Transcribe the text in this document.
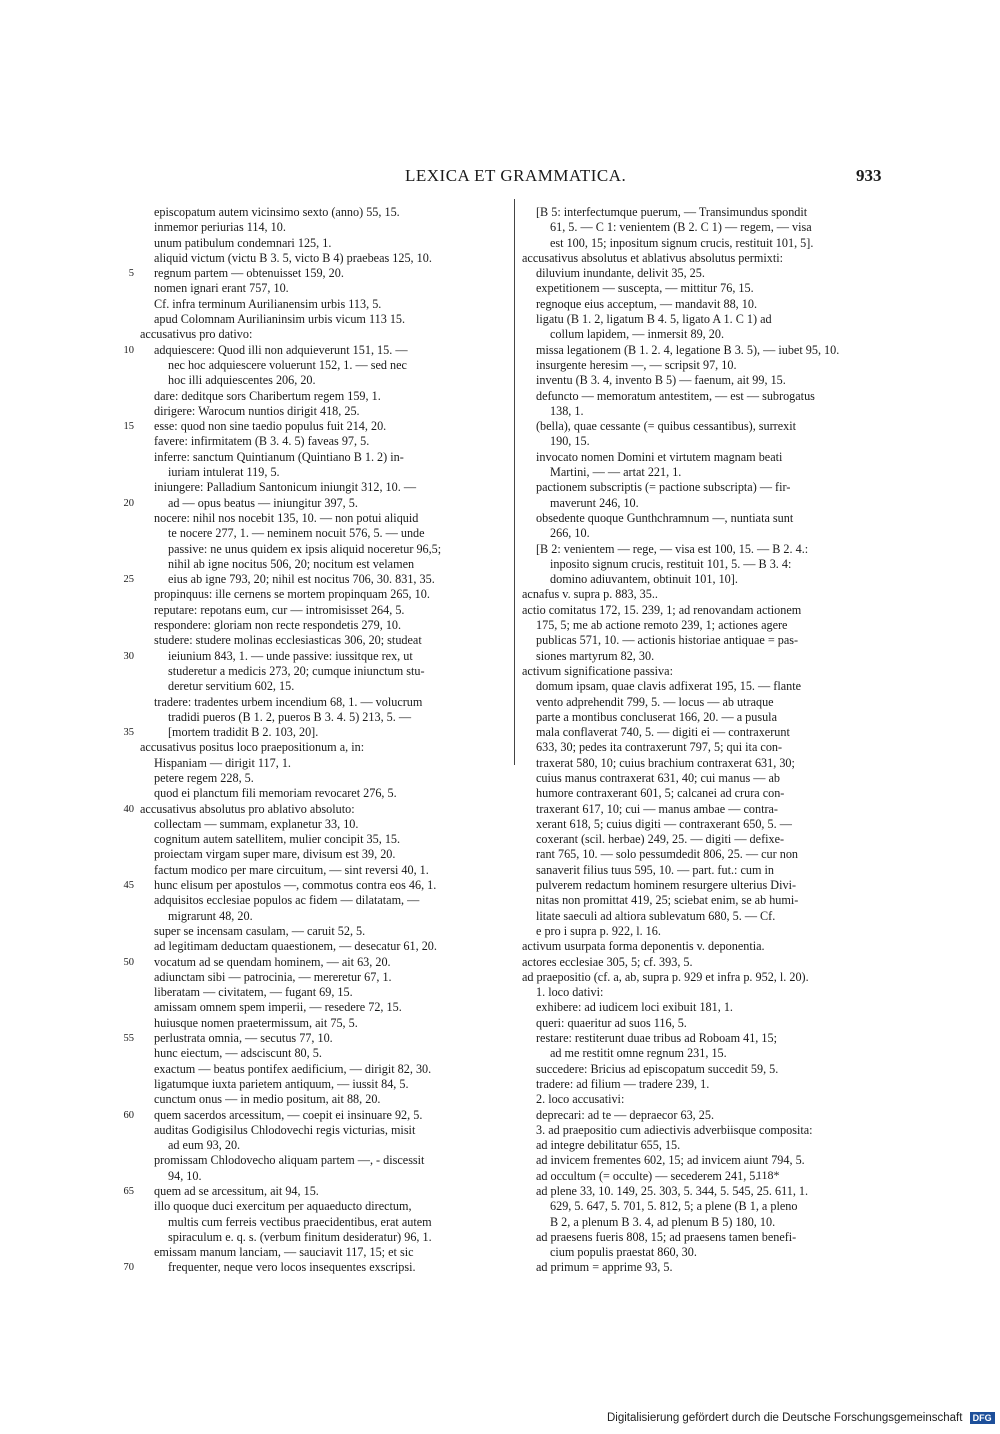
LEXICA ET GRAMMATICA.	933
episcopatum autem vicinsimo sexto (anno) 55, 15.
inmemor periurias 114, 10.
unum patibulum condemnari 125, 1.
aliquid victum (victu B 3. 5, victo B 4) praebeas 125, 10.
5 regnum partem — obtenuisset 159, 20.
nomen ignari erant 757, 10.
Cf. infra terminum Aurilianensim urbis 113, 5.
apud Colomnam Aurilianinsim urbis vicum 113 15.
accusativus pro dativo:
10 adquiescere: Quod illi non adquieverunt 151, 15. —
nec hoc adquiescere voluerunt 152, 1. — sed nec
hoc illi adquiescentes 206, 20.
dare: deditque sors Charibertum regem 159, 1.
dirigere: Warocum nuntios dirigit 418, 25.
15 esse: quod non sine taedio populus fuit 214, 20.
favere: infirmitatem (B 3. 4. 5) faveas 97, 5.
inferre: sanctum Quintianum (Quintiano B 1. 2) in-
iuriam intulerat 119, 5.
iniungere: Palladium Santonicum iniungit 312, 10. —
20	ad — opus beatus — iniungitur 397, 5.
nocere: nihil nos nocebit 135, 10. — non potui aliquid
te nocere 277, 1. — neminem nocuit 576, 5. — unde
passive: ne unus quidem ex ipsis aliquid noceretur 96,5;
nihil ab igne nocitus 506, 20; nocitum est velamen
25	eius ab igne 793, 20; nihil est nocitus 706, 30. 831, 35.
propinquus: ille cernens se mortem propinquam 265, 10.
reputare: repotans eum, cur — intromisisset 264, 5.
respondere: gloriam non recte respondetis 279, 10.
studere: studere molinas ecclesiasticas 306, 20; studeat
30	ieiunium 843, 1. — unde passive: iussitque rex, ut
studeretur a medicis 273, 20; cumque iniunctum stu-
deretur servitium 602, 15.
tradere: tradentes urbem incendium 68, 1. — volucrum
tradidi pueros (B 1. 2, pueros B 3. 4. 5) 213, 5. —
35	[mortem tradidit B 2. 103, 20].
accusativus positus loco praepositionum a, in:
Hispaniam — dirigit 117, 1.
petere regem 228, 5.
quod ei planctum fili memoriam revocaret 276, 5.
40 accusativus absolutus pro ablativo absoluto:
collectam — summam, explanetur 33, 10.
cognitum autem satellitem, mulier concipit 35, 15.
proiectam virgam super mare, divisum est 39, 20.
factum modico per mare circuitum, — sint reversi 40, 1.
45 hunc elisum per apostulos —, commotus contra eos 46, 1.
adquisitos ecclesiae populos ac fidem — dilatatam, —
migrarunt 48, 20.
super se incensam casulam, — caruit 52, 5.
ad legitimam deductam quaestionem, — desecatur 61, 20.
50 vocatum ad se quendam hominem, — ait 63, 20.
adiunctam sibi — patrocinia, — mereretur 67, 1.
liberatam — civitatem, — fugant 69, 15.
amissam omnem spem imperii, — resedere 72, 15.
huiusque nomen praetermissum, ait 75, 5.
55 perlustrata omnia, — secutus 77, 10.
hunc eiectum, — adsciscunt 80, 5.
exactum — beatus pontifex aedificium, — dirigit 82, 30.
ligatumque iuxta parietem antiquum, — iussit 84, 5.
cunctum onus — in medio positum, ait 88, 20.
60 quem sacerdos arcessitum, — coepit ei insinuare 92, 5.
auditas Godigisilus Chlodovechi regis victurias, misit
ad eum 93, 20.
promissam Chlodovecho aliquam partem —, - discessit
94, 10.
65 quem ad se arcessitum, ait 94, 15.
illo quoque duci exercitum per aquaeducto directum,
multis cum ferreis vectibus praecidentibus, erat autem
spiraculum e. q. s. (verbum finitum desideratur) 96, 1.
emissam manum lanciam, — sauciavit 117, 15; et sic
70	frequenter, neque vero locos insequentes exscripsi.
[B 5: interfectumque puerum, — Transimundus spondit
61, 5. — C 1: venientem (B 2. C 1) — regem, — visa
est 100, 15; inpositum signum crucis, restituit 101, 5].
accusativus absolutus et ablativus absolutus permixti:
diluvium inundante, delivit 35, 25.
expetitionem — suscepta, — mittitur 76, 15.
regnoque eius acceptum, — mandavit 88, 10.
ligatu (B 1. 2, ligatum B 4. 5, ligato A 1. C 1) ad
collum lapidem, — inmersit 89, 20.
missa legationem (B 1. 2. 4, legatione B 3. 5), — iubet 95, 10.
insurgente heresim —, — scripsit 97, 10.
inventu (B 3. 4, invento B 5) — faenum, ait 99, 15.
defuncto — memoratum antestitem, — est — subrogatus
138, 1.
(bella), quae cessante (= quibus cessantibus), surrexit
190, 15.
invocato nomen Domini et virtutem magnam beati
Martini, — — artat 221, 1.
pactionem subscriptis (= pactione subscripta) — fir-
maverunt 246, 10.
obsedente quoque Gunthchramnum —, nuntiata sunt
266, 10.
[B 2: venientem — rege, — visa est 100, 15. — B 2. 4.:
inposito signum crucis, restituit 101, 5. — B 3. 4:
domino adiuvantem, obtinuit 101, 10].
acnafus v. supra p. 883, 35..
actio comitatus 172, 15. 239, 1; ad renovandam actionem
175, 5; me ab actione remoto 239, 1; actiones agere
publicas 571, 10. — actionis historiae antiquae = pas-
siones martyrum 82, 30.
activum significatione passiva:
domum ipsam, quae clavis adfixerat 195, 15. — flante
vento adprehendit 799, 5. — locus — ab utraque
parte a montibus concluserat 166, 20. — a pusula
mala conflaverat 740, 5. — digiti ei — contraxerunt
633, 30; pedes ita contraxerunt 797, 5; qui ita con-
traxerat 580, 10; cuius brachium contraxerat 631, 30;
cuius manus contraxerat 631, 40; cui manus — ab
humore contraxerant 601, 5; calcanei ad crura con-
traxerant 617, 10; cui — manus ambae — contra-
xerant 618, 5; cuius digiti — contraxerant 650, 5. —
coxerant (scil. herbae) 249, 25. — digiti — defixe-
rant 765, 10. — solo pessumdedit 806, 25. — cur non
sanaverit filius tuus 595, 10. — part. fut.: cum in
pulverem redactum hominem resurgere ulterius Divi-
nitas non promittat 419, 25; sciebat enim, se ab humi-
litate saeculi ad altiora sublevatum 680, 5. — Cf.
e pro i supra p. 922, l. 16.
activum usurpata forma deponentis v. deponentia.
actores ecclesiae 305, 5; cf. 393, 5.
ad praepositio (cf. a, ab, supra p. 929 et infra p. 952, l. 20).
1. loco dativi:
exhibere: ad iudicem loci exibuit 181, 1.
queri: quaeritur ad suos 116, 5.
restare: restiterunt duae tribus ad Roboam 41, 15;
ad me restitit omne regnum 231, 15.
succedere: Bricius ad episcopatum succedit 59, 5.
tradere: ad filium — tradere 239, 1.
2. loco accusativi:
deprecari: ad te — depraecor 63, 25.
3. ad praepositio cum adiectivis adverbiisque composita:
ad integre debilitatur 655, 15.
ad invicem frementes 602, 15; ad invicem aiunt 794, 5.
ad occultum (= occulte) — secederem 241, 5.
ad plene 33, 10. 149, 25. 303, 5. 344, 5. 545, 25. 611, 1.
629, 5. 647, 5. 701, 5. 812, 5; a plene (B 1, a pleno
B 2, a plenum B 3. 4, ad plenum B 5) 180, 10.
ad praesens fueris 808, 15; ad praesens tamen benefi-
cium populis praestat 860, 30.
ad primum = apprime 93, 5.
118*
Digitalisierung gefördert durch die Deutsche Forschungsgemeinschaft DFG
